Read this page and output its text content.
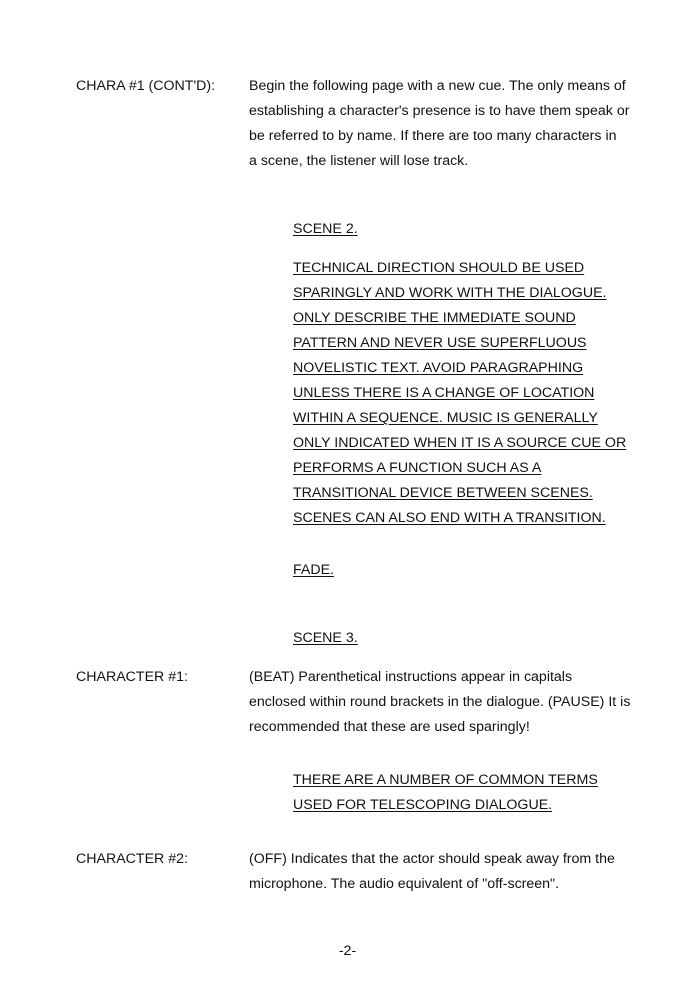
CHARA #1 (CONT'D): Begin the following page with a new cue. The only means of
establishing a character's presence is to have them speak or
be referred to by name. If there are too many characters in
a scene, the listener will lose track.
SCENE 2.
TECHNICAL DIRECTION SHOULD BE USED
SPARINGLY AND WORK WITH THE DIALOGUE.
ONLY DESCRIBE THE IMMEDIATE SOUND
PATTERN AND NEVER USE SUPERFLUOUS
NOVELISTIC TEXT. AVOID PARAGRAPHING
UNLESS THERE IS A CHANGE OF LOCATION
WITHIN A SEQUENCE. MUSIC IS GENERALLY
ONLY INDICATED WHEN IT IS A SOURCE CUE OR
PERFORMS A FUNCTION SUCH AS A
TRANSITIONAL DEVICE BETWEEN SCENES.
SCENES CAN ALSO END WITH A TRANSITION.
FADE.
SCENE 3.
CHARACTER #1:	(BEAT) Parenthetical instructions appear in capitals
enclosed within round brackets in the dialogue. (PAUSE) It is
recommended that these are used sparingly!
THERE ARE A NUMBER OF COMMON TERMS
USED FOR TELESCOPING DIALOGUE.
CHARACTER #2:	(OFF) Indicates that the actor should speak away from the
microphone. The audio equivalent of "off-screen".
-2-
